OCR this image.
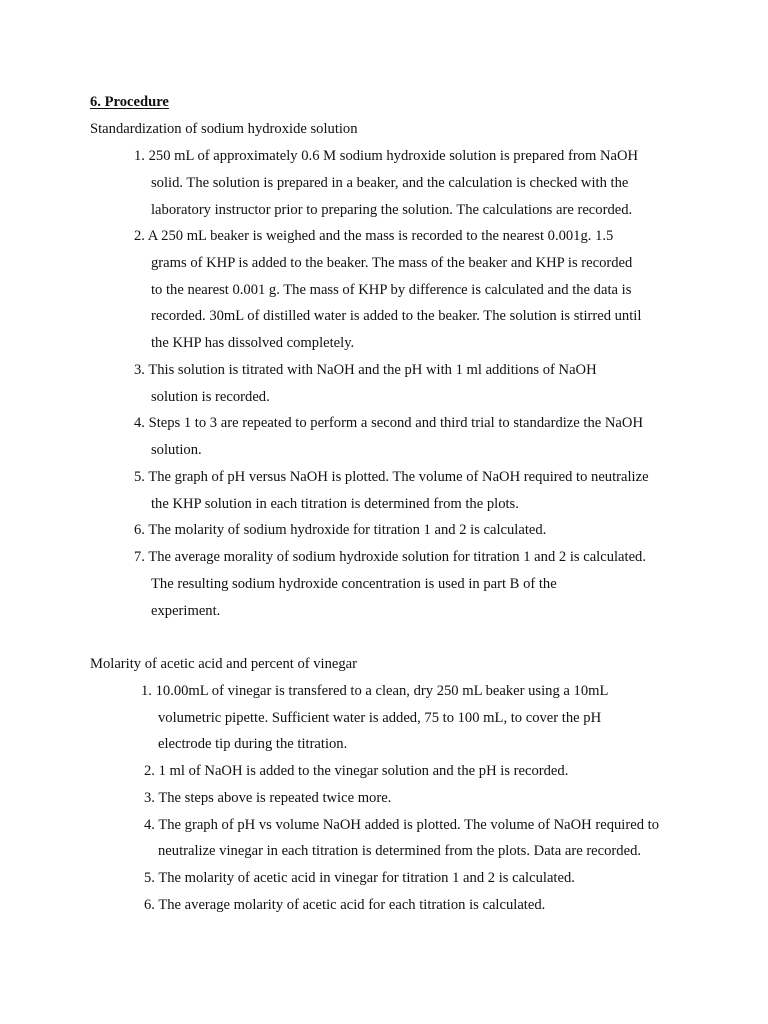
6. Procedure
Standardization of sodium hydroxide solution
1. 250 mL of approximately 0.6 M sodium hydroxide solution is prepared from NaOH
solid. The solution is prepared in a beaker, and the calculation is checked with the
laboratory instructor prior to preparing the solution. The calculations are recorded.
2. A 250 mL beaker is weighed and the mass is recorded to the nearest 0.001g. 1.5
grams of KHP is added to the beaker. The mass of the beaker and KHP is recorded
to the nearest 0.001 g. The mass of KHP by difference is calculated and the data is
recorded. 30mL of distilled water is added to the beaker. The solution is stirred until
the KHP has dissolved completely.
3. This solution is titrated with NaOH and the pH with 1 ml additions of NaOH
solution is recorded.
4. Steps 1 to 3 are repeated to perform a second and third trial to standardize the NaOH
solution.
5. The graph of pH versus NaOH is plotted. The volume of NaOH required to neutralize
the KHP solution in each titration is determined from the plots.
6. The molarity of sodium hydroxide for titration 1 and 2 is calculated.
7. The average morality of sodium hydroxide solution for titration 1 and 2 is calculated.
The resulting sodium hydroxide concentration is used in part B of the
experiment.
Molarity of acetic acid and percent of vinegar
1. 10.00mL of vinegar is transfered to a clean, dry 250 mL beaker using a 10mL
volumetric pipette. Sufficient water is added, 75 to 100 mL, to cover the pH
electrode tip during the titration.
2. 1 ml of NaOH is added to the vinegar solution and the pH is recorded.
3. The steps above is repeated twice more.
4. The graph of pH vs volume NaOH added is plotted. The volume of NaOH required to
neutralize vinegar in each titration is determined from the plots. Data are recorded.
5. The molarity of acetic acid in vinegar for titration 1 and 2 is calculated.
6. The average molarity of acetic acid for each titration is calculated.
